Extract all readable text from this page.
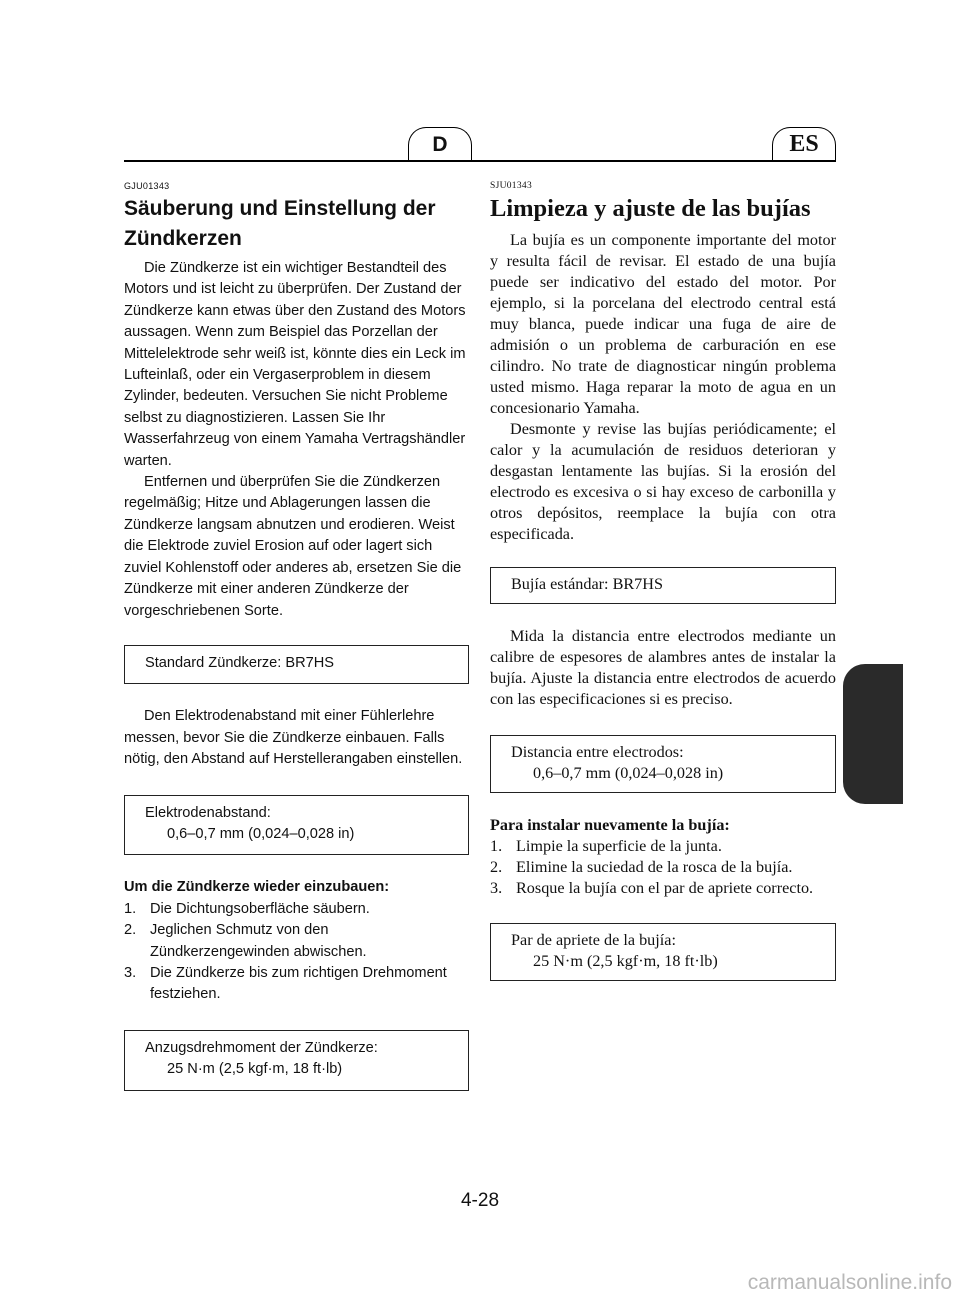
D	ES

GJU01343

Säuberung und Einstellung der Zündkerzen

Die Zündkerze ist ein wichtiger Bestandteil des Motors und ist leicht zu überprüfen. Der Zustand der Zündkerze kann etwas über den Zustand des Motors aussagen. Wenn zum Beispiel das Porzellan der Mittelelektrode sehr weiß ist, könnte dies ein Leck im Lufteinlaß, oder ein Vergaserproblem in diesem Zylinder, bedeuten. Versuchen Sie nicht Probleme selbst zu diagnostizieren. Lassen Sie Ihr Wasserfahrzeug von einem Yamaha Vertragshändler warten.

Entfernen und überprüfen Sie die Zündkerzen regelmäßig; Hitze und Ablagerungen lassen die Zündkerze langsam abnutzen und erodieren. Weist die Elektrode zuviel Erosion auf oder lagert sich zuviel Kohlenstoff oder anderes ab, ersetzen Sie die Zündkerze mit einer anderen Zündkerze der vorgeschriebenen Sorte.

Standard Zündkerze: BR7HS

Den Elektrodenabstand mit einer Fühlerlehre messen, bevor Sie die Zündkerze einbauen. Falls nötig, den Abstand auf Herstellerangaben einstellen.

Elektrodenabstand:
0,6–0,7 mm (0,024–0,028 in)

Um die Zündkerze wieder einzubauen:

1. Die Dichtungsoberfläche säubern.
2. Jeglichen Schmutz von den Zündkerzengewinden abwischen.
3. Die Zündkerze bis zum richtigen Drehmoment festziehen.
Anzugsdrehmoment der Zündkerze:
25 N·m (2,5 kgf·m, 18 ft·lb)

SJU01343

Limpieza y ajuste de las bujías

La bujía es un componente importante del motor y resulta fácil de revisar. El estado de una bujía puede ser indicativo del estado del motor. Por ejemplo, si la porcelana del electrodo central está muy blanca, puede indicar una fuga de aire de admisión o un problema de carburación en ese cilindro. No trate de diagnosticar ningún problema usted mismo. Haga reparar la moto de agua en un concesionario Yamaha.

Desmonte y revise las bujías periódicamente; el calor y la acumulación de residuos deterioran y desgastan lentamente las bujías. Si la erosión del electrodo es excesiva o si hay exceso de carbonilla y otros depósitos, reemplace la bujía con otra especificada.

Bujía estándar: BR7HS

Mida la distancia entre electrodos mediante un calibre de espesores de alambres antes de instalar la bujía. Ajuste la distancia entre electrodos de acuerdo con las especificaciones si es preciso.

Distancia entre electrodos:
0,6–0,7 mm (0,024–0,028 in)

Para instalar nuevamente la bujía:

1. Limpie la superficie de la junta.
2. Elimine la suciedad de la rosca de la bujía.
3. Rosque la bujía con el par de apriete correcto.
Par de apriete de la bujía:
25 N·m (2,5 kgf·m, 18 ft·lb)
4-28
carmanualsonline.info
